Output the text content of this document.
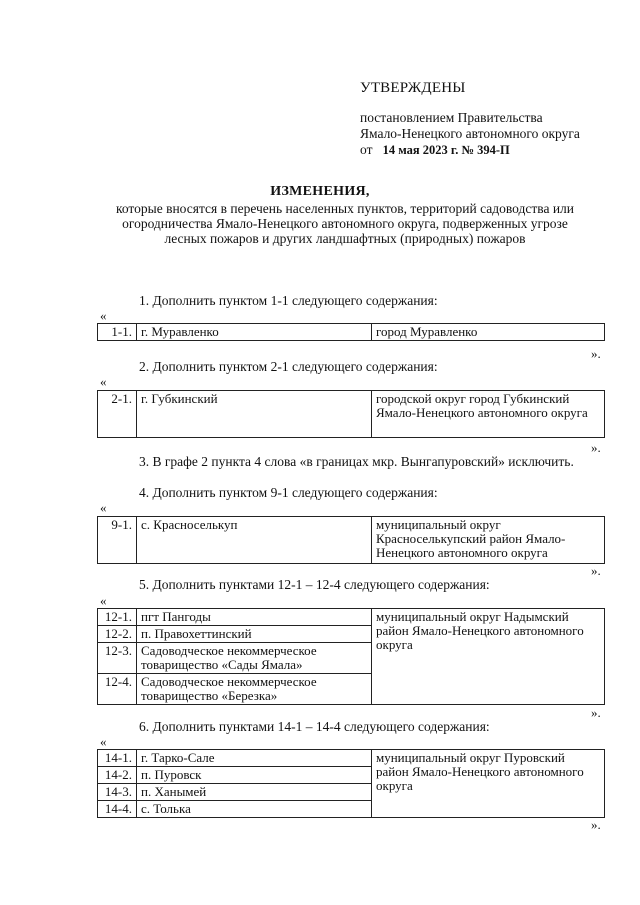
УТВЕРЖДЕНЫ
постановлением Правительства
Ямало-Ненецкого автономного округа
от 14 мая 2023 г. № 394-П
ИЗМЕНЕНИЯ,
которые вносятся в перечень населенных пунктов, территорий садоводства или
огородничества Ямало-Ненецкого автономного округа, подверженных угрозе
лесных пожаров и других ландшафтных (природных) пожаров
1. Дополнить пунктом 1-1 следующего содержания:
«
1-1.	г. Муравленко	город Муравленко
».
2. Дополнить пунктом 2-1 следующего содержания:
«
2-1.	г. Губкинский	городской округ город Губкинский Ямало-Ненецкого автономного округа
».
3. В графе 2 пункта 4 слова «в границах мкр. Вынгапуровский» исключить.
4. Дополнить пунктом 9-1 следующего содержания:
«
9-1.	с. Красноселькуп	муниципальный округ Красноселькупский район Ямало-Ненецкого автономного округа
».
5. Дополнить пунктами 12-1 – 12-4 следующего содержания:
«
12-1.	пгт Пангоды	муниципальный округ Надымский район Ямало-Ненецкого автономного округа
12-2.	п. Правохеттинский	
12-3.	Садоводческое некоммерческое товарищество «Сады Ямала»	
12-4.	Садоводческое некоммерческое товарищество «Березка»	
».
6. Дополнить пунктами 14-1 – 14-4 следующего содержания:
«
14-1.	г. Тарко-Сале	муниципальный округ Пуровский район Ямало-Ненецкого автономного округа
14-2.	п. Пуровск	
14-3.	п. Ханымей	
14-4.	с. Толька	
».
